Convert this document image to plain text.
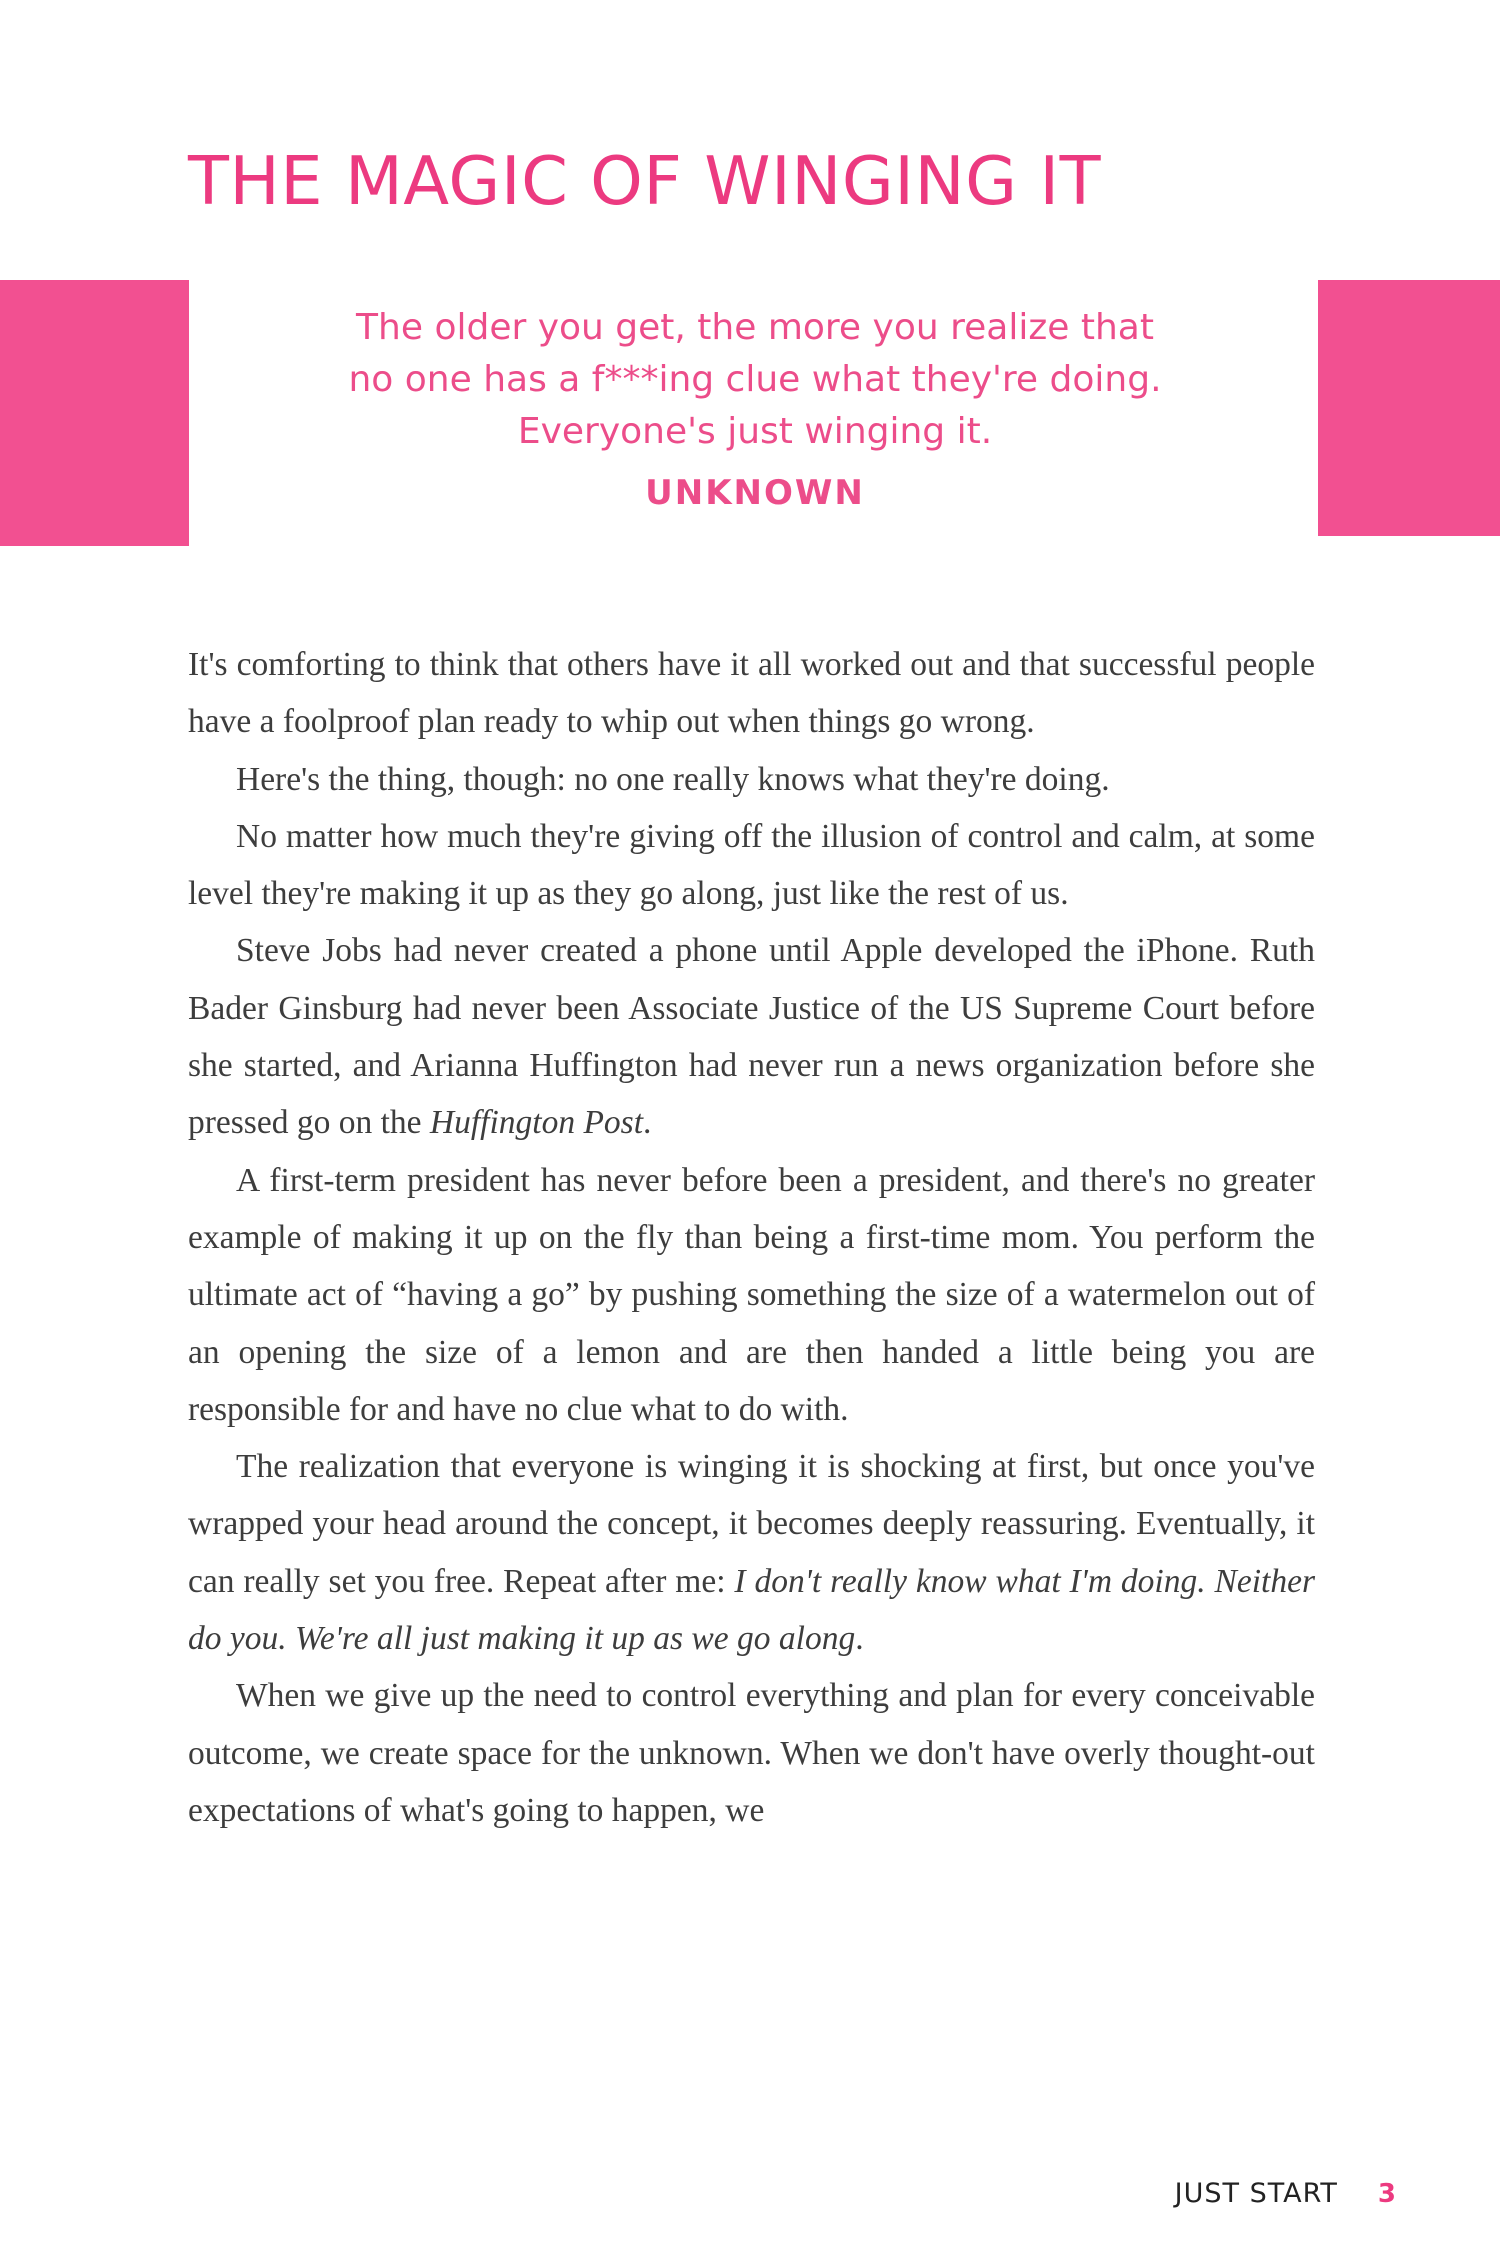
THE MAGIC OF WINGING IT
The older you get, the more you realize that
no one has a f***ing clue what they're doing.
Everyone's just winging it.
UNKNOWN

It's comforting to think that others have it all worked out and that successful people have a foolproof plan ready to whip out when things go wrong.

Here's the thing, though: no one really knows what they're doing.

No matter how much they're giving off the illusion of control and calm, at some level they're making it up as they go along, just like the rest of us.

Steve Jobs had never created a phone until Apple developed the iPhone. Ruth Bader Ginsburg had never been Associate Justice of the US Supreme Court before she started, and Arianna Huffington had never run a news organization before she pressed go on the Huffington Post.

A first-term president has never before been a president, and there's no greater example of making it up on the fly than being a first-time mom. You perform the ultimate act of “having a go” by pushing something the size of a watermelon out of an opening the size of a lemon and are then handed a little being you are responsible for and have no clue what to do with.

The realization that everyone is winging it is shocking at first, but once you've wrapped your head around the concept, it becomes deeply reassuring. Eventually, it can really set you free. Repeat after me: I don't really know what I'm doing. Neither do you. We're all just making it up as we go along.

When we give up the need to control everything and plan for every conceivable outcome, we create space for the unknown. When we don't have overly thought-out expectations of what's going to happen, we

JUST START 3
